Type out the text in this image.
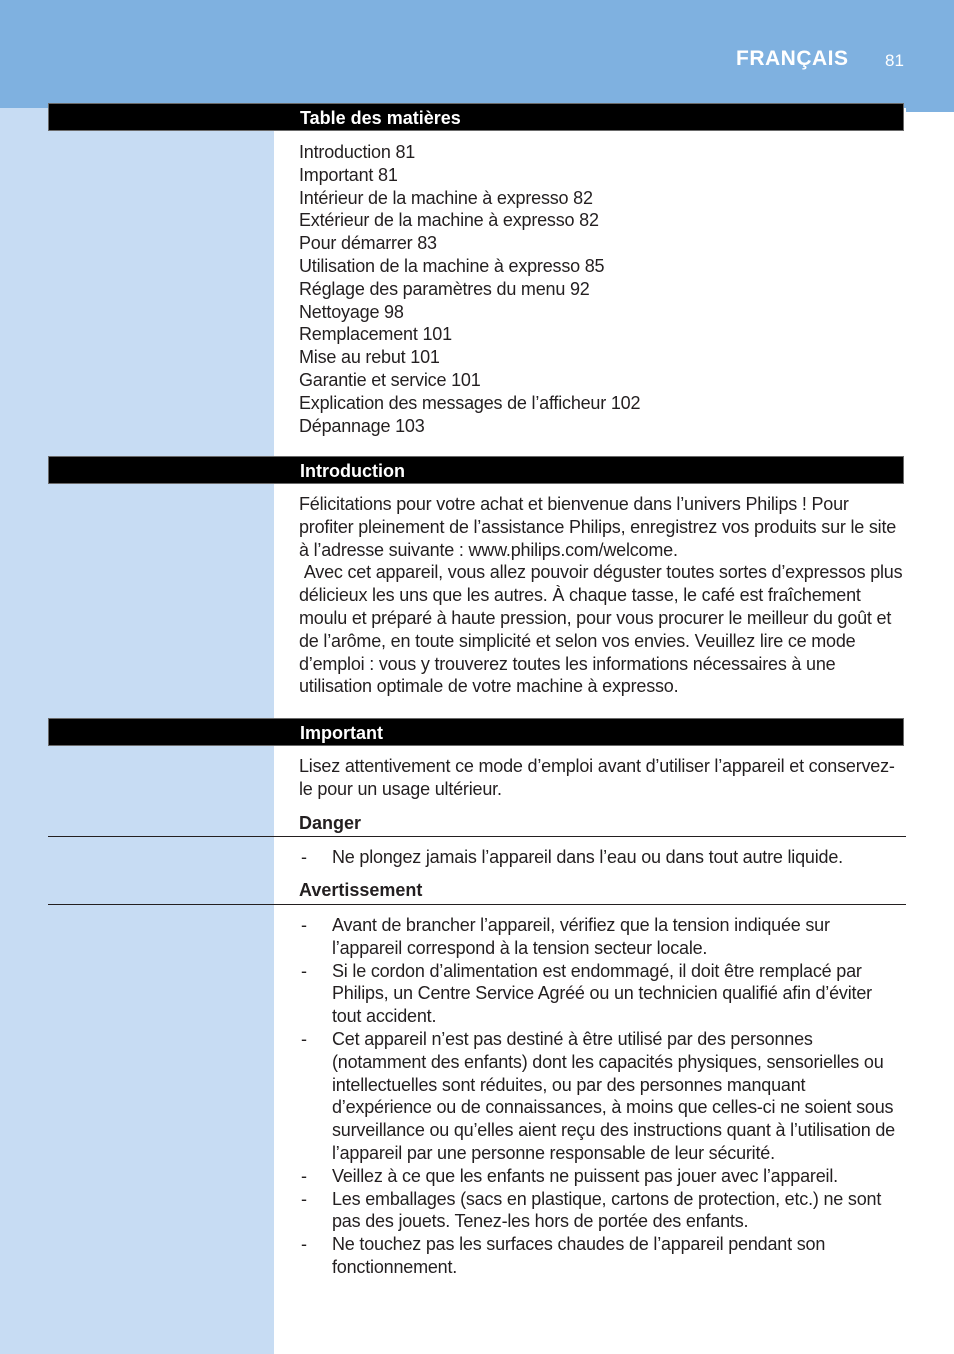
FRANÇAIS 81
Table des matières

Introduction 81

Important 81

Intérieur de la machine à expresso 82

Extérieur de la machine à expresso 82

Pour démarrer 83

Utilisation de la machine à expresso 85

Réglage des paramètres du menu 92

Nettoyage 98

Remplacement 101

Mise au rebut 101

Garantie et service 101

Explication des messages de l’afficheur 102

Dépannage 103

Introduction

Félicitations pour votre achat et bienvenue dans l’univers Philips ! Pour profiter pleinement de l’assistance Philips, enregistrez vos produits sur le site à l’adresse suivante : www.philips.com/welcome.

Avec cet appareil, vous allez pouvoir déguster toutes sortes d’expressos plus délicieux les uns que les autres. À chaque tasse, le café est fraîchement moulu et préparé à haute pression, pour vous procurer le meilleur du goût et de l’arôme, en toute simplicité et selon vos envies. Veuillez lire ce mode d’emploi : vous y trouverez toutes les informations nécessaires à une utilisation optimale de votre machine à expresso.

Important

Lisez attentivement ce mode d’emploi avant d’utiliser l’appareil et conservez-le pour un usage ultérieur.

Danger
- Ne plongez jamais l’appareil dans l’eau ou dans tout autre liquide.
Avertissement
- Avant de brancher l’appareil, vérifiez que la tension indiquée sur l’appareil correspond à la tension secteur locale.
- Si le cordon d’alimentation est endommagé, il doit être remplacé par Philips, un Centre Service Agréé ou un technicien qualifié afin d’éviter tout accident.
- Cet appareil n’est pas destiné à être utilisé par des personnes (notamment des enfants) dont les capacités physiques, sensorielles ou intellectuelles sont réduites, ou par des personnes manquant d’expérience ou de connaissances, à moins que celles-ci ne soient sous surveillance ou qu’elles aient reçu des instructions quant à l’utilisation de l’appareil par une personne responsable de leur sécurité.
- Veillez à ce que les enfants ne puissent pas jouer avec l’appareil.
- Les emballages (sacs en plastique, cartons de protection, etc.) ne sont pas des jouets. Tenez-les hors de portée des enfants.
- Ne touchez pas les surfaces chaudes de l’appareil pendant son fonctionnement.
